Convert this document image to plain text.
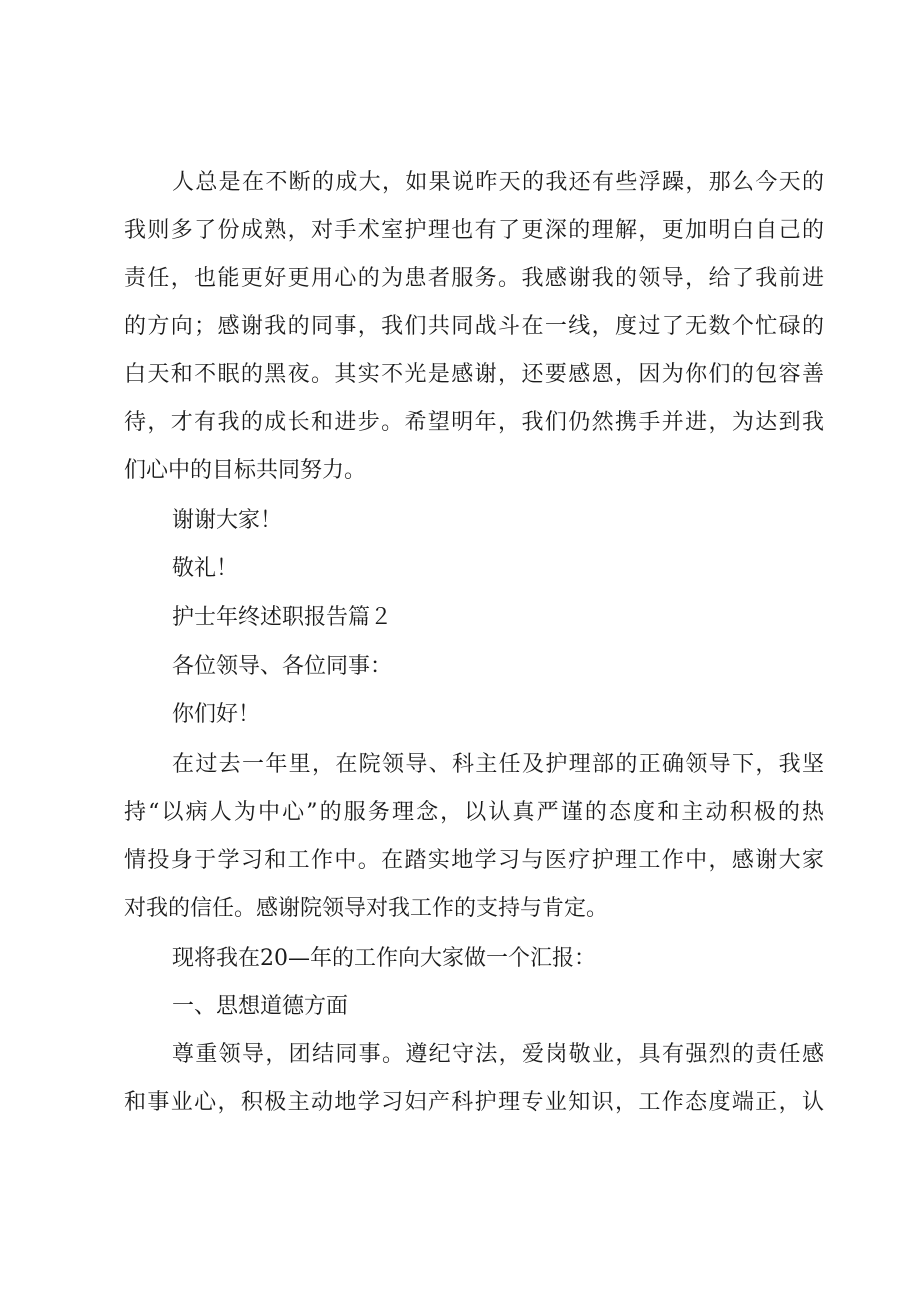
人总是在不断的成大，如果说昨天的我还有些浮躁，那么今天的
我则多了份成熟，对手术室护理也有了更深的理解，更加明白自己的
责任，也能更好更用心的为患者服务。我感谢我的领导，给了我前进
的方向；感谢我的同事，我们共同战斗在一线，度过了无数个忙碌的
白天和不眠的黑夜。其实不光是感谢，还要感恩，因为你们的包容善
待，才有我的成长和进步。希望明年，我们仍然携手并进，为达到我
们心中的目标共同努力。
谢谢大家！
敬礼！
护士年终述职报告篇２
各位领导、各位同事：
你们好！
在过去一年里，在院领导、科主任及护理部的正确领导下，我坚
持“以病人为中心”的服务理念，以认真严谨的态度和主动积极的热
情投身于学习和工作中。在踏实地学习与医疗护理工作中，感谢大家
对我的信任。感谢院领导对我工作的支持与肯定。
现将我在20—年的工作向大家做一个汇报：
一、思想道德方面
尊重领导，团结同事。遵纪守法，爱岗敬业，具有强烈的责任感
和事业心，积极主动地学习妇产科护理专业知识，工作态度端正，认
